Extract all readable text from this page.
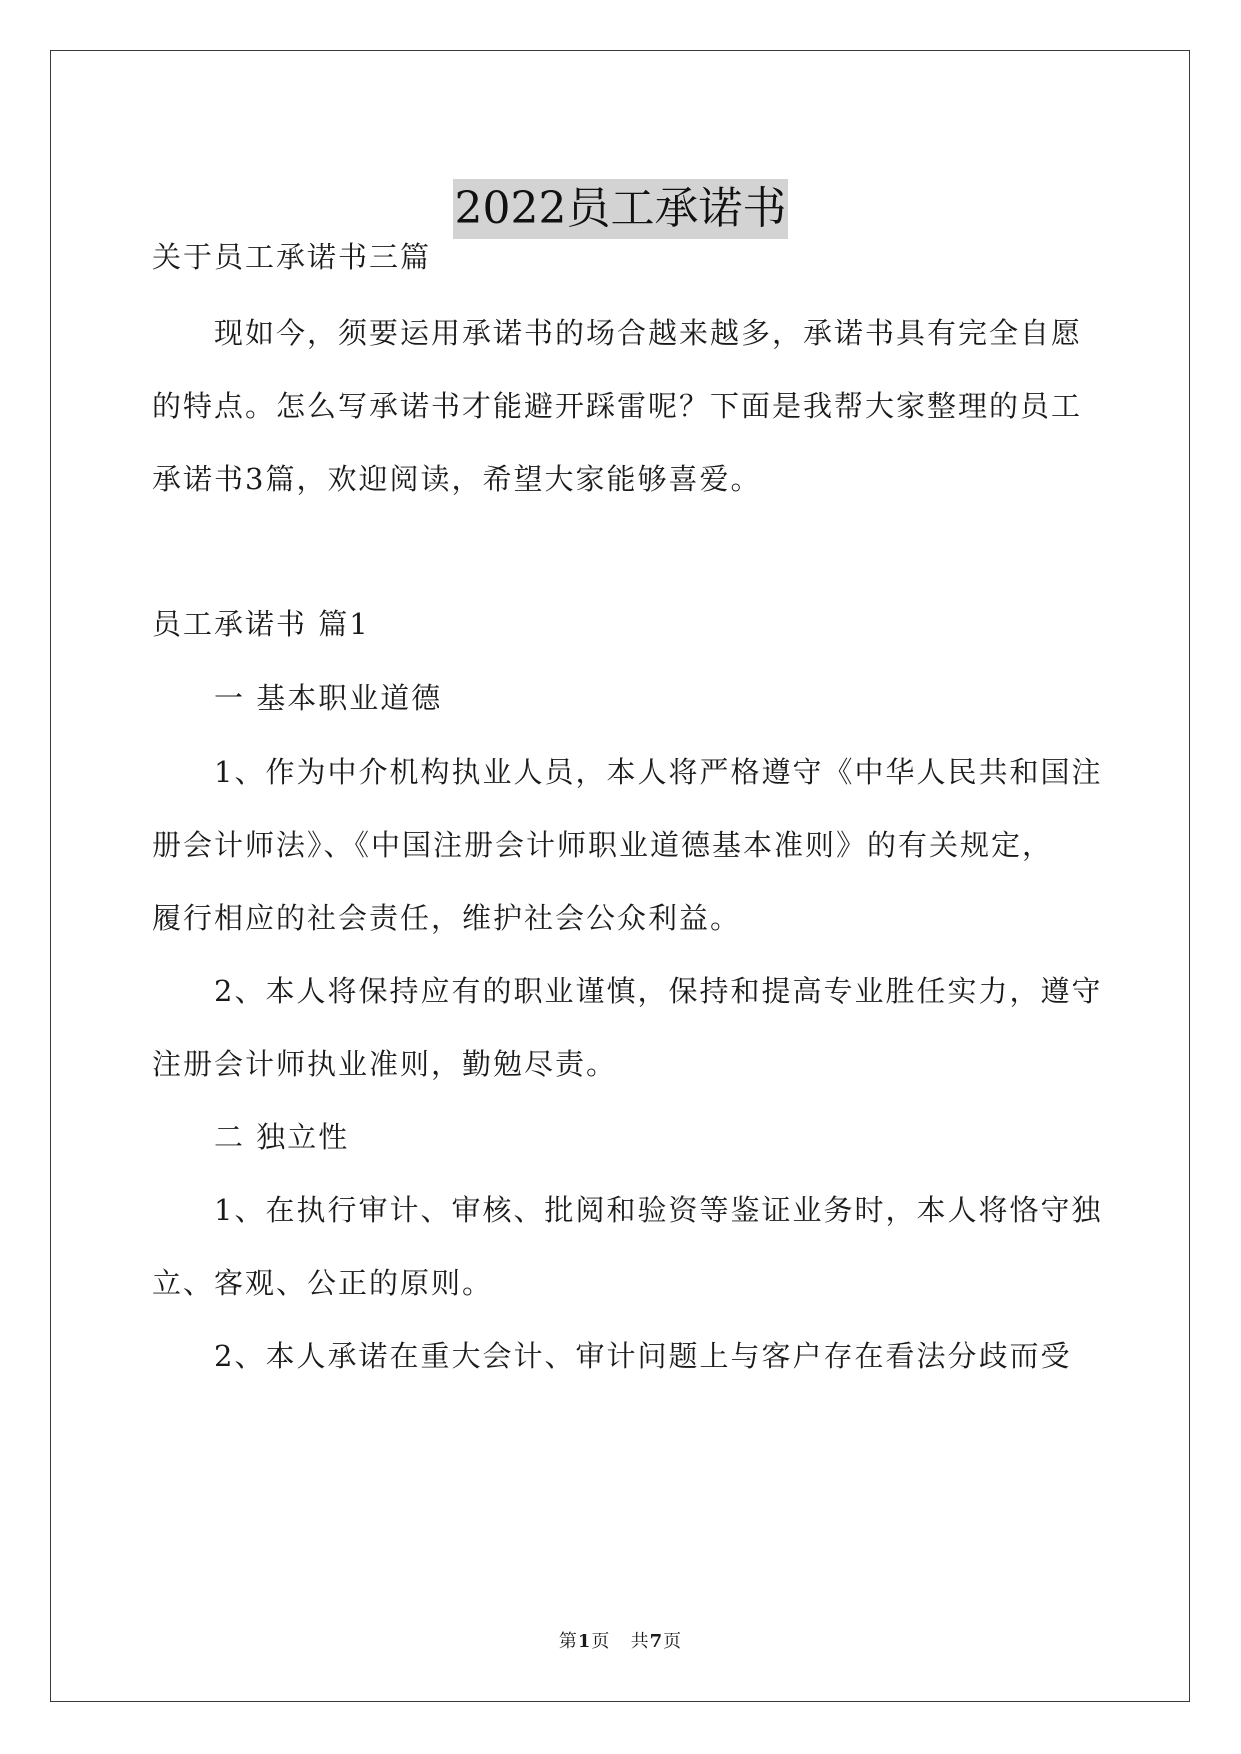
2022员工承诺书
关于员工承诺书三篇
现如今，须要运用承诺书的场合越来越多，承诺书具有完全自愿
的特点。怎么写承诺书才能避开踩雷呢？下面是我帮大家整理的员工
承诺书3篇，欢迎阅读，希望大家能够喜爱。
员工承诺书 篇1
一 基本职业道德
1、作为中介机构执业人员，本人将严格遵守《中华人民共和国注
册会计师法》、《中国注册会计师职业道德基本准则》的有关规定，
履行相应的社会责任，维护社会公众利益。
2、本人将保持应有的职业谨慎，保持和提高专业胜任实力，遵守
注册会计师执业准则，勤勉尽责。
二 独立性
1、在执行审计、审核、批阅和验资等鉴证业务时，本人将恪守独
立、客观、公正的原则。
2、本人承诺在重大会计、审计问题上与客户存在看法分歧而受
第1页 共7页
